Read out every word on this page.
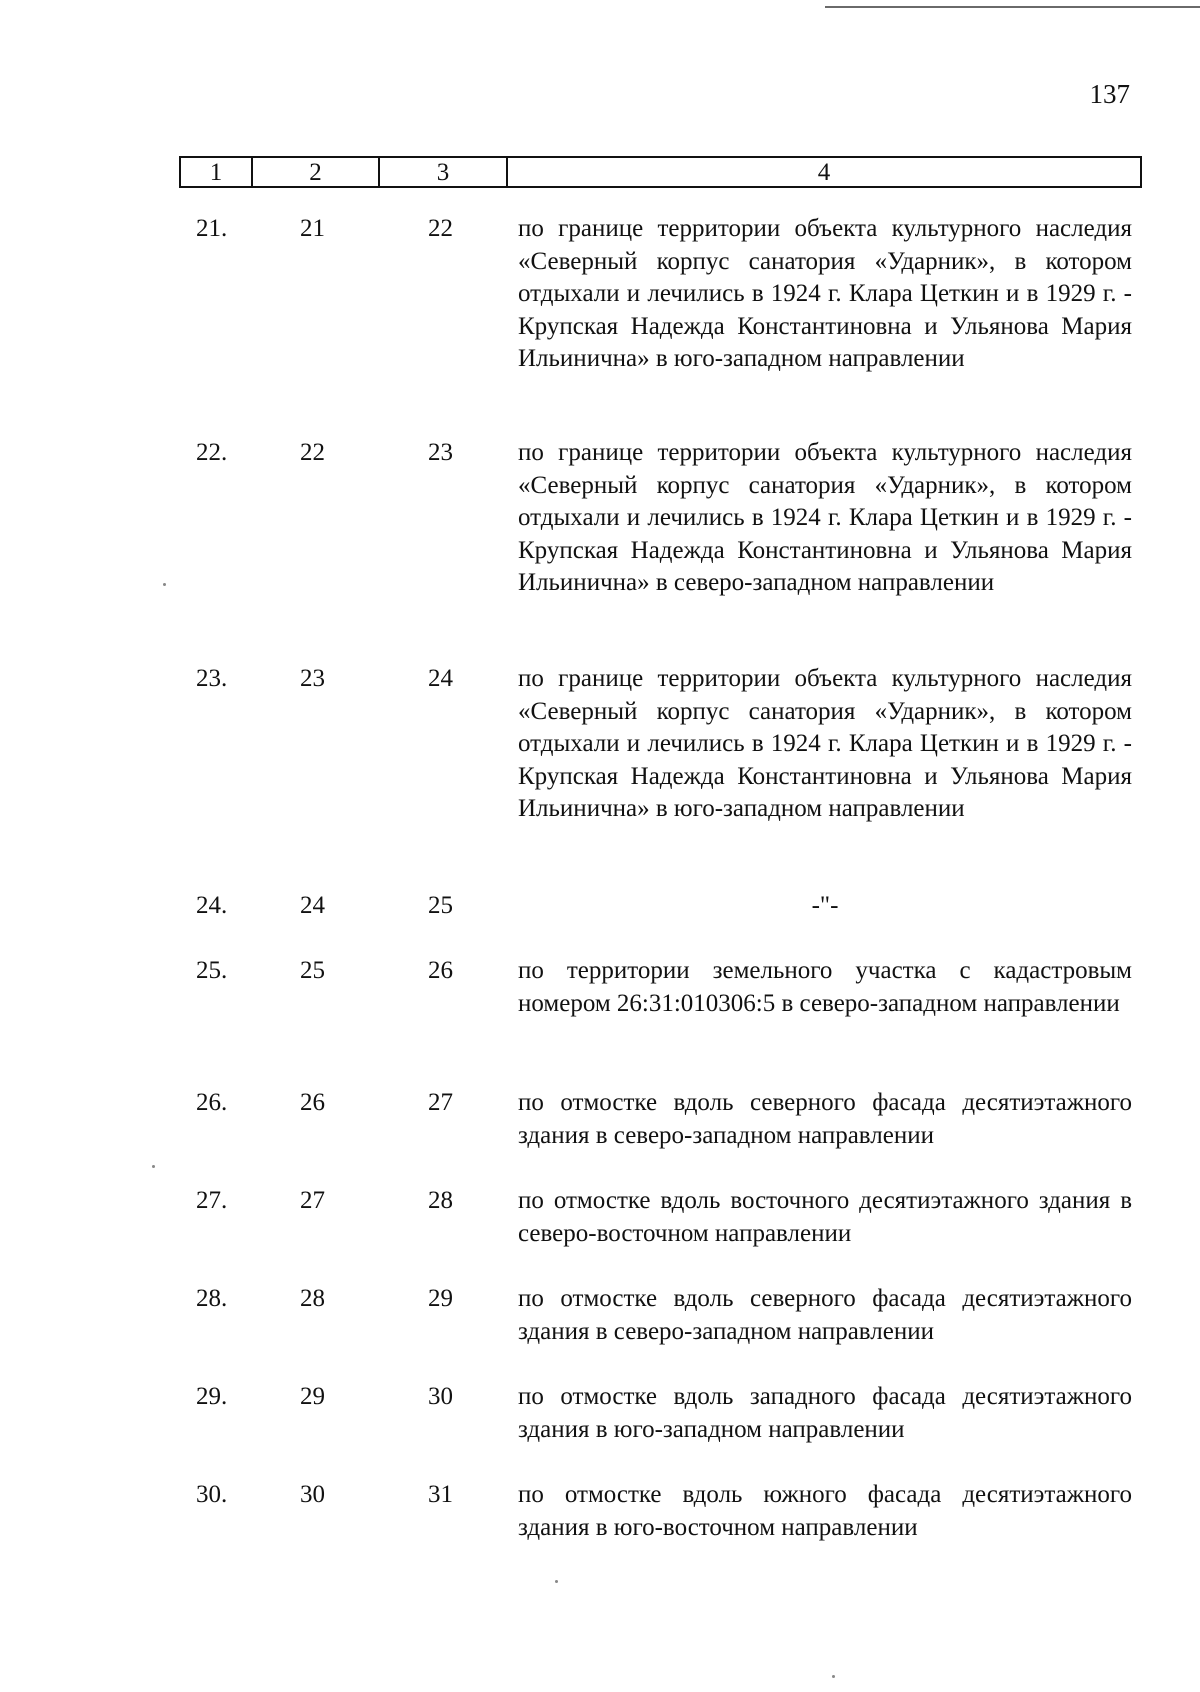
137
1	2	3	4
21.	21	22	по границе территории объекта культурного наследия «Северный корпус санатория «Ударник», в котором отдыхали и лечились в 1924 г. Клара Цеткин и в 1929 г. - Крупская Надежда Константиновна и Ульянова Мария Ильинична» в юго-западном направлении
22.	22	23	по границе территории объекта культурного наследия «Северный корпус санатория «Ударник», в котором отдыхали и лечились в 1924 г. Клара Цеткин и в 1929 г. - Крупская Надежда Константиновна и Ульянова Мария Ильинична» в северо-западном направлении
23.	23	24	по границе территории объекта культурного наследия «Северный корпус санатория «Ударник», в котором отдыхали и лечились в 1924 г. Клара Цеткин и в 1929 г. - Крупская Надежда Константиновна и Ульянова Мария Ильинична» в юго-западном направлении
24.	24	25	-"-
25.	25	26	по территории земельного участка с кадастровым номером 26:31:010306:5 в северо-западном направлении
26.	26	27	по отмостке вдоль северного фасада десятиэтажного здания в северо-западном направлении
27.	27	28	по отмостке вдоль восточного десятиэтажного здания в северо-восточном направлении
28.	28	29	по отмостке вдоль северного фасада десятиэтажного здания в северо-западном направлении
29.	29	30	по отмостке вдоль западного фасада десятиэтажного здания в юго-западном направлении
30.	30	31	по отмостке вдоль южного фасада десятиэтажного здания в юго-восточном направлении
